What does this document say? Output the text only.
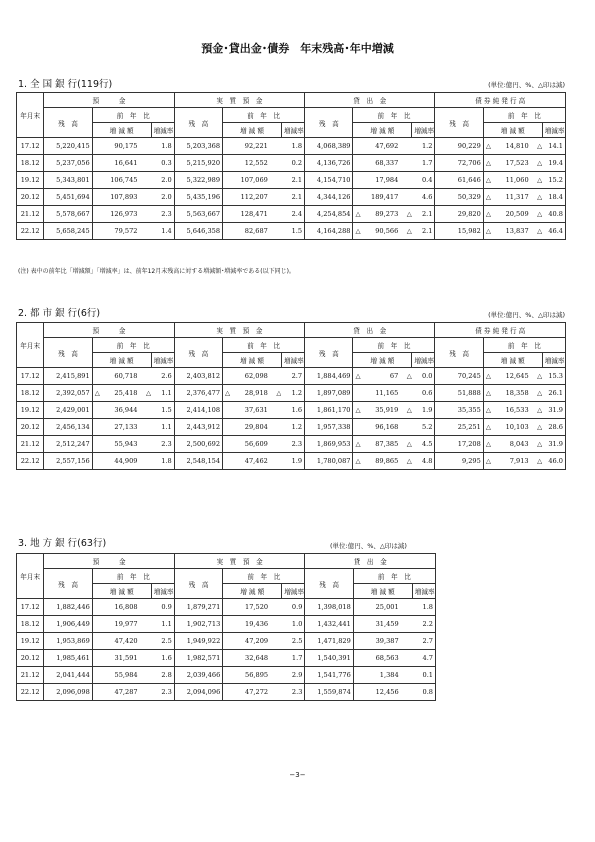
預金･貸出金･債券　年末残高･年中増減
1. 全 国 銀 行(119行)	(単位:億円、%、△印は減)
年月末	預　　　金					実　質　預　金					貸　出　金					債 券 純 発 行 高				
	残　高	前　年　比				残　高	前　年　比				残　高	前　年　比				残　高	前　年　比			
		増 減 額			増減率		増 減 額			増減率		増 減 額			増減率		増 減 額			増減率
17.12	5,220,415		90,175		1.8	5,203,368		92,221		1.8	4,068,389		47,692		1.2	90,229	△	14,810	△	14.1
18.12	5,237,056		16,641		0.3	5,215,920		12,552		0.2	4,136,726		68,337		1.7	72,706	△	17,523	△	19.4
19.12	5,343,801		106,745		2.0	5,322,989		107,069		2.1	4,154,710		17,984		0.4	61,646	△	11,060	△	15.2
20.12	5,451,694		107,893		2.0	5,435,196		112,207		2.1	4,344,126		189,417		4.6	50,329	△	11,317	△	18.4
21.12	5,578,667		126,973		2.3	5,563,667		128,471		2.4	4,254,854	△	89,273	△	2.1	29,820	△	20,509	△	40.8
22.12	5,658,245		79,572		1.4	5,646,358		82,687		1.5	4,164,288	△	90,566	△	2.1	15,982	△	13,837	△	46.4
(注) 表中の前年比「増減額」「増減率」は、前年12月末残高に対する増減額･増減率である(以下同じ)。
2. 都 市 銀 行(6行)	(単位:億円、%、△印は減)
年月末	預　　　金					実　質　預　金					貸　出　金					債 券 純 発 行 高				
	残　高	前　年　比				残　高	前　年　比				残　高	前　年　比				残　高	前　年　比			
		増 減 額			増減率		増 減 額			増減率		増 減 額			増減率		増 減 額			増減率
17.12	2,415,891		60,718		2.6	2,403,812		62,098		2.7	1,884,469	△	67	△	0.0	70,245	△	12,645	△	15.3
18.12	2,392,057	△	25,418	△	1.1	2,376,477	△	28,918	△	1.2	1,897,089		11,165		0.6	51,888	△	18,358	△	26.1
19.12	2,429,001		36,944		1.5	2,414,108		37,631		1.6	1,861,170	△	35,919	△	1.9	35,355	△	16,533	△	31.9
20.12	2,456,134		27,133		1.1	2,443,912		29,804		1.2	1,957,338		96,168		5.2	25,251	△	10,103	△	28.6
21.12	2,512,247		55,943		2.3	2,500,692		56,609		2.3	1,869,953	△	87,385	△	4.5	17,208	△	8,043	△	31.9
22.12	2,557,156		44,909		1.8	2,548,154		47,462		1.9	1,780,087	△	89,865	△	4.8	9,295	△	7,913	△	46.0
3. 地 方 銀 行(63行)	(単位:億円、%、△印は減)
年月末	預　　　金					実　質　預　金					貸　出　金				
	残　高	前　年　比				残　高	前　年　比				残　高	前　年　比			
		増 減 額			増減率		増 減 額			増減率		増 減 額			増減率
17.12	1,882,446		16,808		0.9	1,879,271		17,520		0.9	1,398,018		25,001		1.8
18.12	1,906,449		19,977		1.1	1,902,713		19,436		1.0	1,432,441		31,459		2.2
19.12	1,953,869		47,420		2.5	1,949,922		47,209		2.5	1,471,829		39,387		2.7
20.12	1,985,461		31,591		1.6	1,982,571		32,648		1.7	1,540,391		68,563		4.7
21.12	2,041,444		55,984		2.8	2,039,466		56,895		2.9	1,541,776		1,384		0.1
22.12	2,096,098		47,287		2.3	2,094,096		47,272		2.3	1,559,874		12,456		0.8
−3−
